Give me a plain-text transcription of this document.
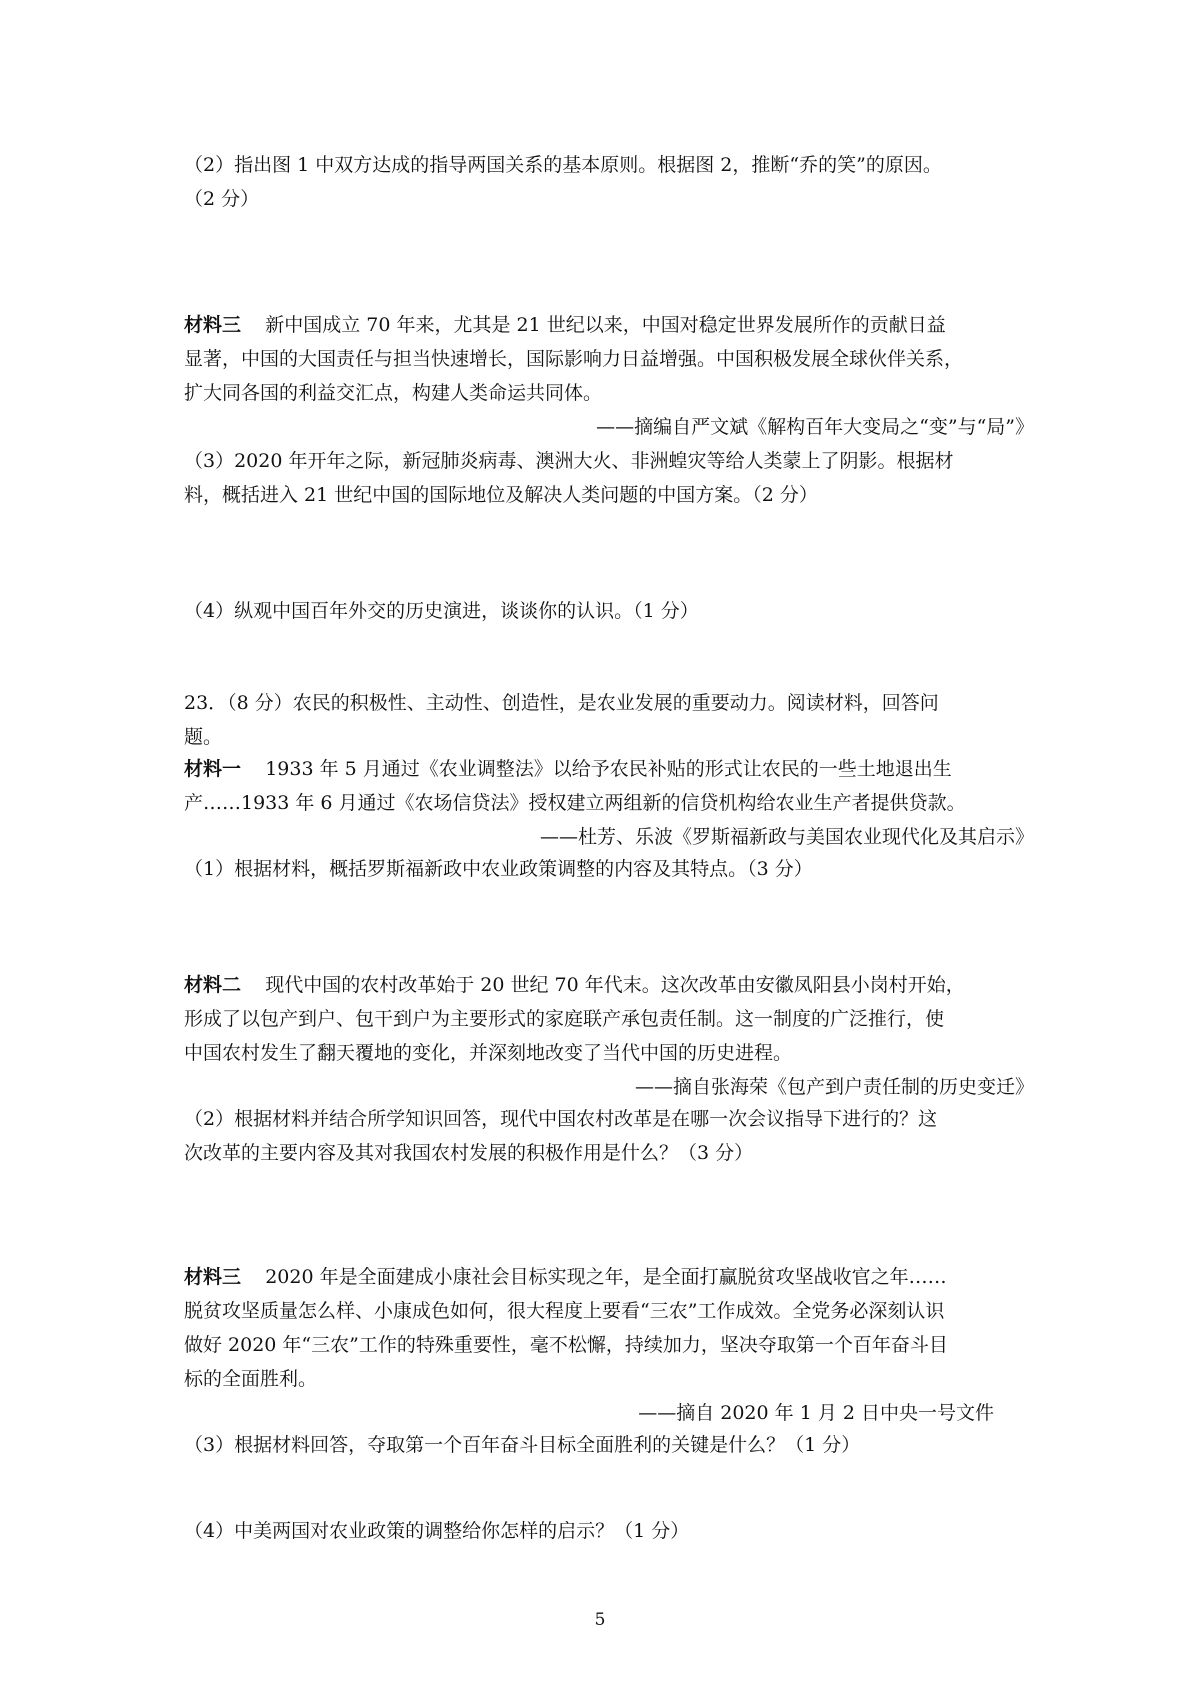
（2）指出图 1 中双方达成的指导两国关系的基本原则。根据图 2，推断“乔的笑”的原因。

（2 分）

材料三 新中国成立 70 年来，尤其是 21 世纪以来，中国对稳定世界发展所作的贡献日益

显著，中国的大国责任与担当快速增长，国际影响力日益增强。中国积极发展全球伙伴关系，

扩大同各国的利益交汇点，构建人类命运共同体。

——摘编自严文斌《解构百年大变局之“变”与“局”》

（3）2020 年开年之际，新冠肺炎病毒、澳洲大火、非洲蝗灾等给人类蒙上了阴影。根据材

料，概括进入 21 世纪中国的国际地位及解决人类问题的中国方案。（2 分）

（4）纵观中国百年外交的历史演进，谈谈你的认识。（1 分）

23．（8 分）农民的积极性、主动性、创造性，是农业发展的重要动力。阅读材料，回答问

题。

材料一 1933 年 5 月通过《农业调整法》以给予农民补贴的形式让农民的一些土地退出生

产……1933 年 6 月通过《农场信贷法》授权建立两组新的信贷机构给农业生产者提供贷款。

——杜芳、乐波《罗斯福新政与美国农业现代化及其启示》

（1）根据材料，概括罗斯福新政中农业政策调整的内容及其特点。（3 分）

材料二 现代中国的农村改革始于 20 世纪 70 年代末。这次改革由安徽凤阳县小岗村开始，

形成了以包产到户、包干到户为主要形式的家庭联产承包责任制。这一制度的广泛推行，使

中国农村发生了翻天覆地的变化，并深刻地改变了当代中国的历史进程。

——摘自张海荣《包产到户责任制的历史变迁》

（2）根据材料并结合所学知识回答，现代中国农村改革是在哪一次会议指导下进行的？这

次改革的主要内容及其对我国农村发展的积极作用是什么？（3 分）

材料三 2020 年是全面建成小康社会目标实现之年，是全面打赢脱贫攻坚战收官之年……

脱贫攻坚质量怎么样、小康成色如何，很大程度上要看“三农”工作成效。全党务必深刻认识

做好 2020 年“三农”工作的特殊重要性，毫不松懈，持续加力，坚决夺取第一个百年奋斗目

标的全面胜利。

——摘自 2020 年 1 月 2 日中央一号文件

（3）根据材料回答，夺取第一个百年奋斗目标全面胜利的关键是什么？（1 分）

（4）中美两国对农业政策的调整给你怎样的启示？（1 分）

5
